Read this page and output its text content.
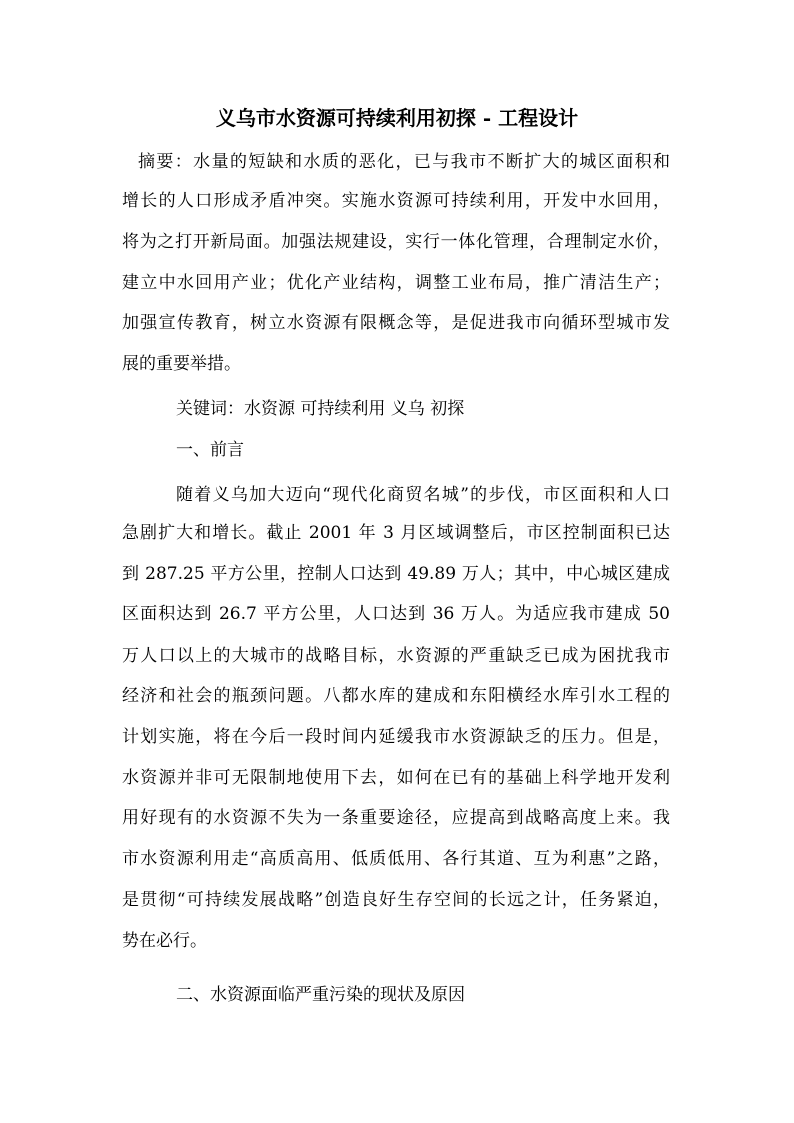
义乌市水资源可持续利用初探 - 工程设计
摘要：水量的短缺和水质的恶化，已与我市不断扩大的城区面积和
增长的人口形成矛盾冲突。实施水资源可持续利用，开发中水回用，
将为之打开新局面。加强法规建设，实行一体化管理，合理制定水价，
建立中水回用产业；优化产业结构，调整工业布局，推广清洁生产；
加强宣传教育，树立水资源有限概念等，是促进我市向循环型城市发
展的重要举措。
关键词：水资源 可持续利用 义乌 初探
一、前言
随着义乌加大迈向“现代化商贸名城”的步伐，市区面积和人口
急剧扩大和增长。截止 2001 年 3 月区域调整后，市区控制面积已达
到 287.25 平方公里，控制人口达到 49.89 万人；其中，中心城区建成
区面积达到 26.7 平方公里，人口达到 36 万人。为适应我市建成 50
万人口以上的大城市的战略目标，水资源的严重缺乏已成为困扰我市
经济和社会的瓶颈问题。八都水库的建成和东阳横经水库引水工程的
计划实施，将在今后一段时间内延缓我市水资源缺乏的压力。但是，
水资源并非可无限制地使用下去，如何在已有的基础上科学地开发利
用好现有的水资源不失为一条重要途径，应提高到战略高度上来。我
市水资源利用走“高质高用、低质低用、各行其道、互为利惠”之路，
是贯彻“可持续发展战略”创造良好生存空间的长远之计，任务紧迫，
势在必行。
二、水资源面临严重污染的现状及原因
